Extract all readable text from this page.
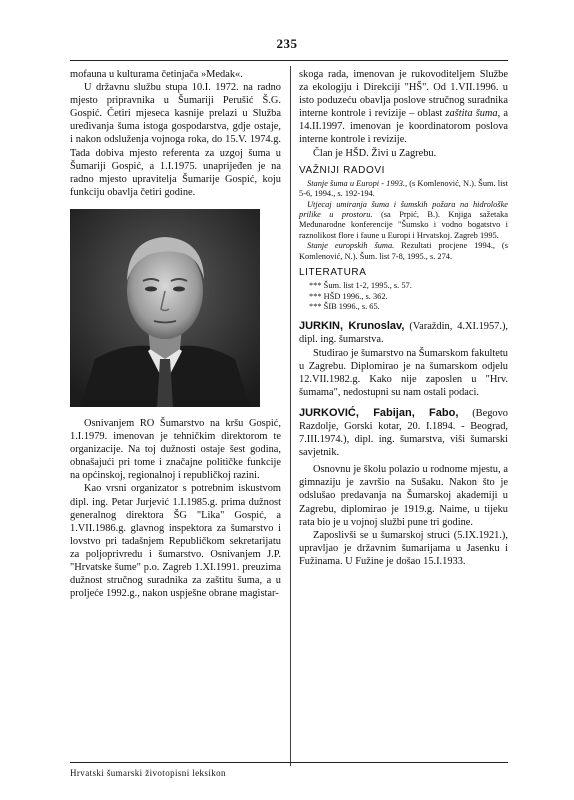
235

mofauna u kulturama četinjača »Medak«.

U državnu službu stupa 10.I. 1972. na radno mjesto pripravnika u Šumariji Perušić Š.G. Gospić. Četiri mjeseca kasnije prelazi u Služba uređivanja šuma istoga gospodarstva, gdje ostaje, i nakon odsluženja vojnoga roka, do 15.V. 1974.g. Tada dobiva mjesto referenta za uzgoj šuma u Šumariji Gospić, a 1.I.1975. unaprijeđen je na radno mjesto upravitelja Šumarije Gospić, koju funkciju obavlja četiri godine.

Osnivanjem RO Šumarstvo na kršu Gospić, 1.I.1979. imenovan je tehničkim direktorom te organizacije. Na toj dužnosti ostaje šest godina, obnašajući pri tome i značajne političke funkcije na općinskoj, regionalnoj i republičkoj razini.

Kao vrsni organizator s potrebnim iskustvom dipl. ing. Petar Jurjević 1.I.1985.g. prima dužnost generalnog direktora ŠG "Lika" Gospić, a 1.VII.1986.g. glavnog inspektora za šumarstvo i lovstvo pri tadašnjem Republičkom sekretarijatu za poljoprivredu i šumarstvo. Osnivanjem J.P. "Hrvatske šume" p.o. Zagreb 1.XI.1991. preuzima dužnost stručnog suradnika za zaštitu šuma, a u proljeće 1992.g., nakon uspješne obrane magistar-

skoga rada, imenovan je rukovoditeljem Službe za ekologiju i Direkciji "HŠ". Od 1.VII.1996. u isto poduzeću obavlja poslove stručnog suradnika interne kontrole i revizije – oblast zaštita šuma, a 14.II.1997. imenovan je koordinatorom poslova interne kontrole i revizije.

Član je HŠD. Živi u Zagrebu.

VAŽNIJI RADOVI

Stanje šuma u Europi - 1993., (s Komlenović, N.). Šum. list 5-6, 1994., s. 192-194.

Utjecaj umiranja šuma i šumskih požara na hidrološke prilike u prostoru. (sa Prpić, B.). Knjiga sažetaka Međunarodne konferencije "Šumsko i vodno bogatstvo i raznolikost flore i faune u Europi i Hrvatskoj. Zagreb 1995.

Stanje europskih šuma. Rezultati procjene 1994., (s Komlenović, N.). Šum. list 7-8, 1995., s. 274.

LITERATURA

*** Šum. list 1-2, 1995., s. 57.

*** HŠD 1996., s. 362.

*** ŠIB 1996., s. 65.

JURKIN, Krunoslav, (Varaždin, 4.XI.1957.), dipl. ing. šumarstva.

Studirao je šumarstvo na Šumarskom fakultetu u Zagrebu. Diplomirao je na šumarskom odjelu 12.VII.1982.g. Kako nije zaposlen u "Hrv. šumama", nedostupni su nam ostali podaci.

JURKOVIĆ, Fabijan, Fabo, (Begovo Razdolje, Gorski kotar, 20. I.1894. - Beograd, 7.III.1974.), dipl. ing. šumarstva, viši šumarski savjetnik.

Osnovnu je školu polazio u rodnome mjestu, a gimnaziju je završio na Sušaku. Nakon što je odslušao predavanja na Šumarskoj akademiji u Zagrebu, diplomirao je 1919.g. Naime, u tijeku rata bio je u vojnoj službi pune tri godine.

Zaposlivši se u šumarskoj struci (5.IX.1921.), upravljao je državnim šumarijama u Jasenku i Fužinama. U Fužine je došao 15.I.1933.

Hrvatski šumarski životopisni leksikon
